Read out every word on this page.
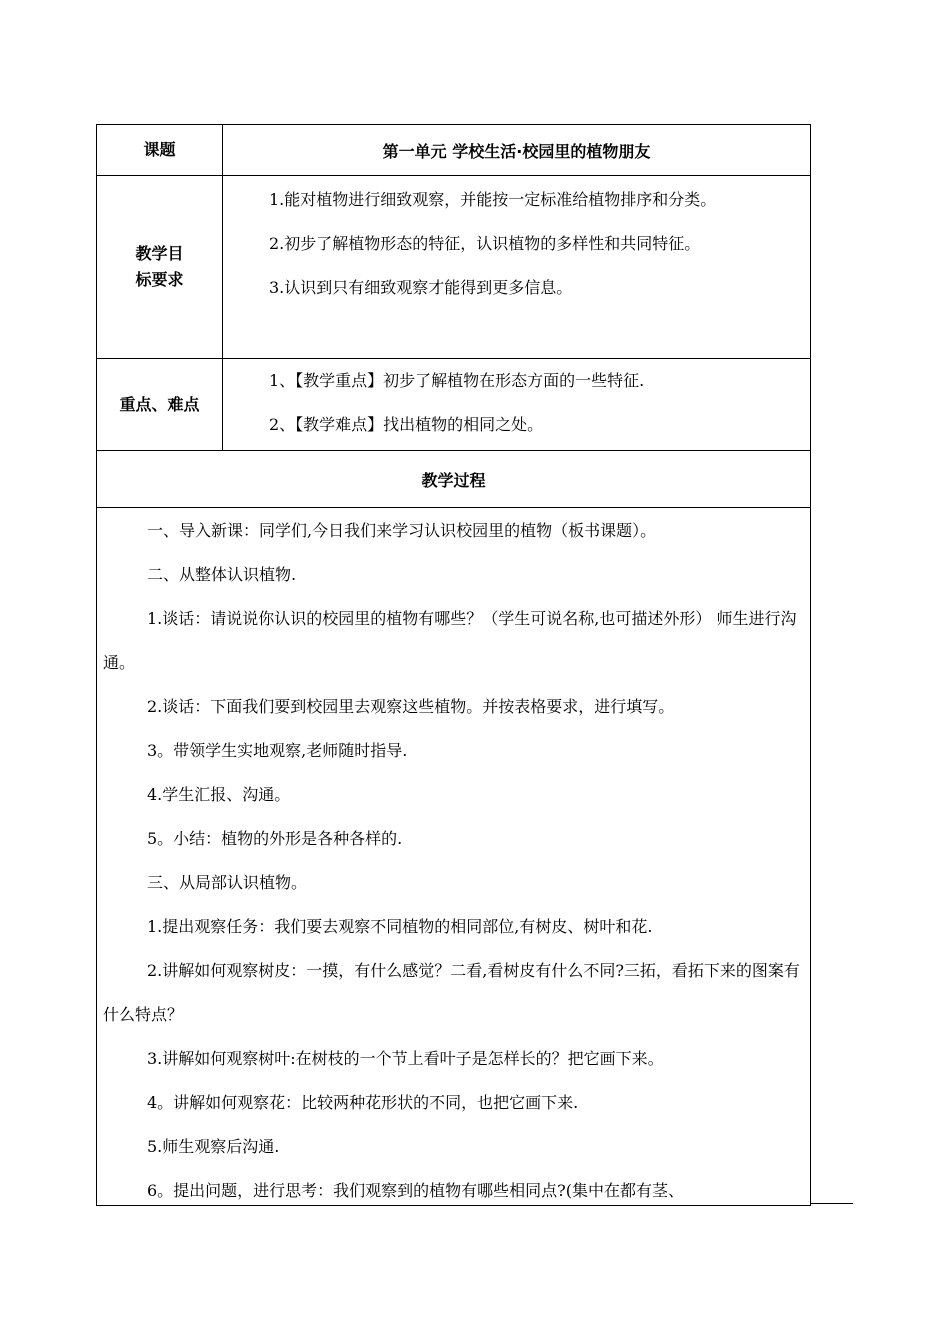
课题	第一单元 学校生活·校园里的植物朋友
教学目
标要求

1.能对植物进行细致观察，并能按一定标准给植物排序和分类。

2.初步了解植物形态的特征，认识植物的多样性和共同特征。

3.认识到只有细致观察才能得到更多信息。

重点、难点

1、【教学重点】初步了解植物在形态方面的一些特征.

2、【教学难点】找出植物的相同之处。

教学过程

一、导入新课：同学们,今日我们来学习认识校园里的植物（板书课题）。

二、从整体认识植物.

1.谈话：请说说你认识的校园里的植物有哪些？（学生可说名称,也可描述外形） 师生进行沟通。

2.谈话：下面我们要到校园里去观察这些植物。并按表格要求，进行填写。

3。带领学生实地观察,老师随时指导.

4.学生汇报、沟通。

5。小结：植物的外形是各种各样的.

三、从局部认识植物。

1.提出观察任务：我们要去观察不同植物的相同部位,有树皮、树叶和花.

2.讲解如何观察树皮：一摸，有什么感觉？二看,看树皮有什么不同?三拓，看拓下来的图案有什么特点？

3.讲解如何观察树叶:在树枝的一个节上看叶子是怎样长的？把它画下来。

4。讲解如何观察花：比较两种花形状的不同，也把它画下来.

5.师生观察后沟通.

6。提出问题，进行思考：我们观察到的植物有哪些相同点?(集中在都有茎、
